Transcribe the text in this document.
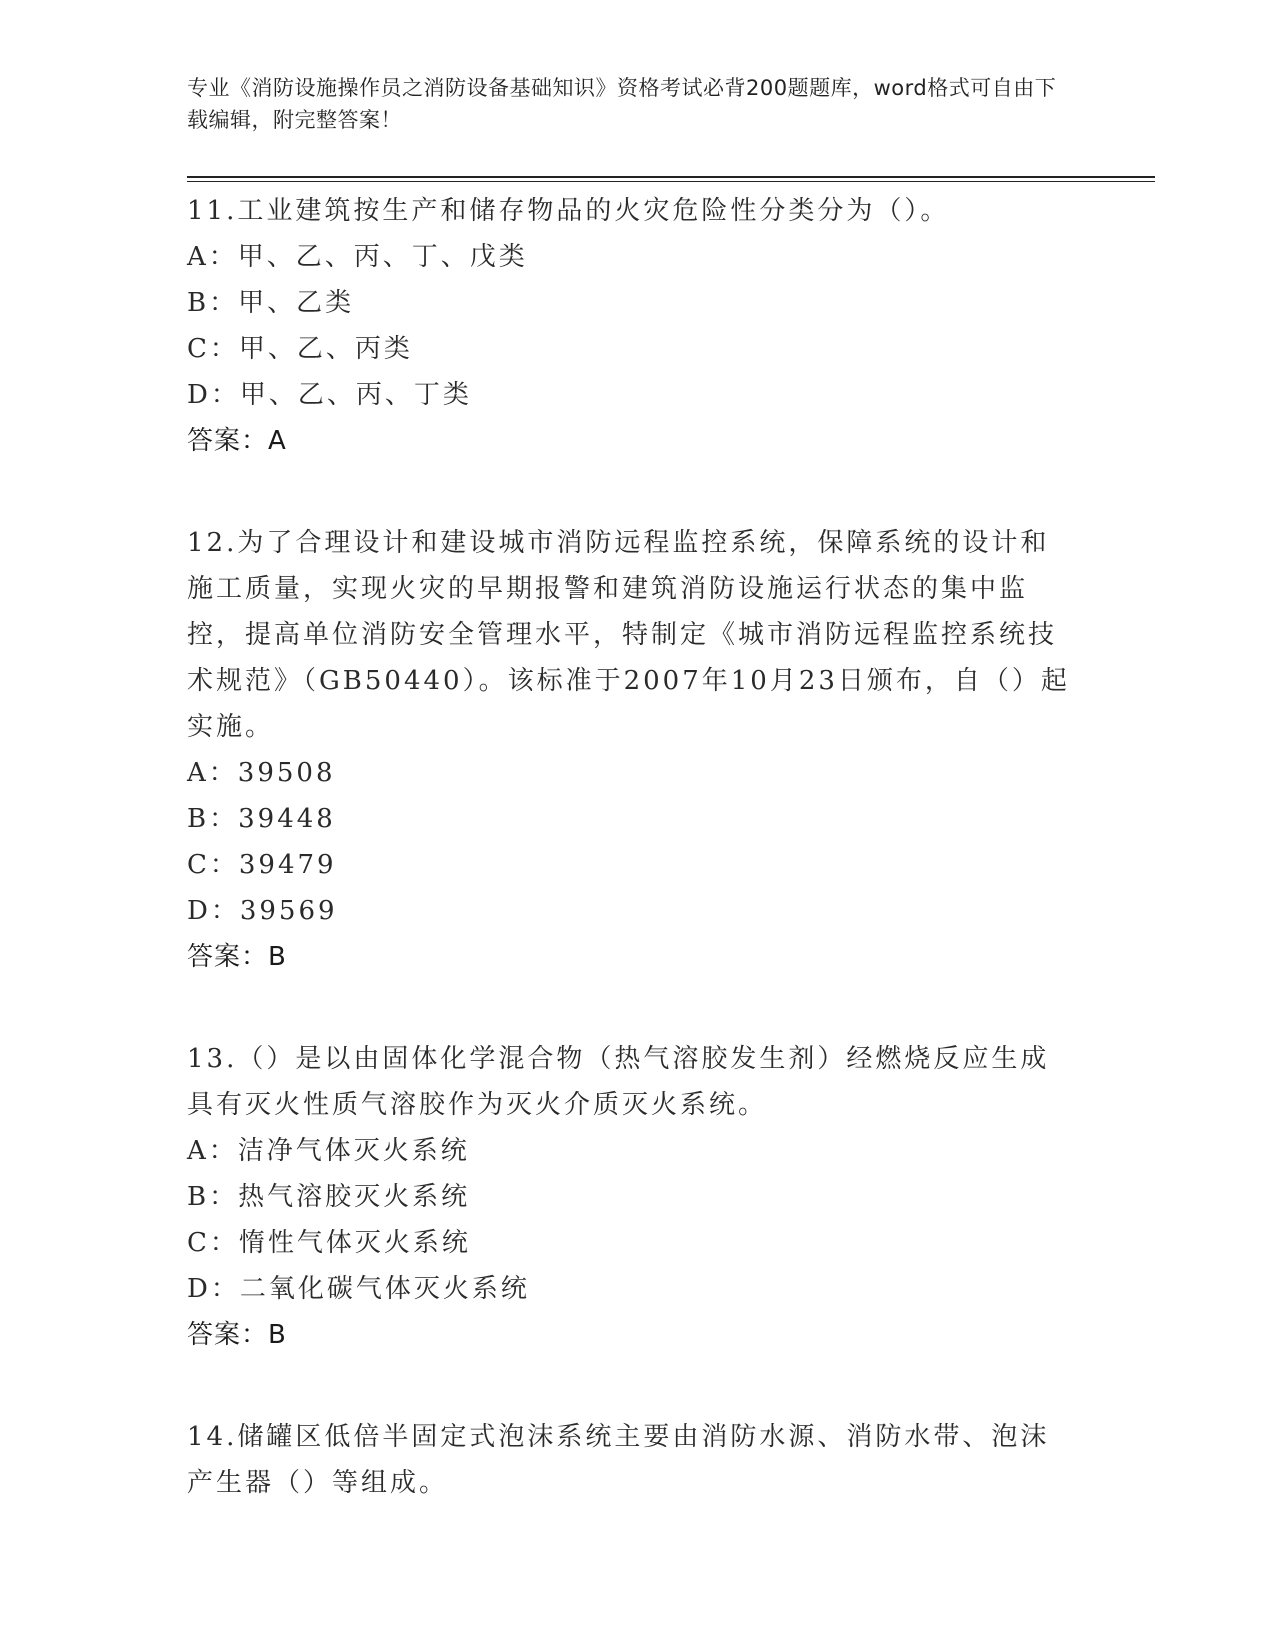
专业《消防设施操作员之消防设备基础知识》资格考试必背200题题库，word格式可自由下载编辑，附完整答案！
11.工业建筑按生产和储存物品的火灾危险性分类分为（）。
A：甲、乙、丙、丁、戊类
B：甲、乙类
C：甲、乙、丙类
D：甲、乙、丙、丁类
答案：A
12.为了合理设计和建设城市消防远程监控系统，保障系统的设计和施工质量，实现火灾的早期报警和建筑消防设施运行状态的集中监控，提高单位消防安全管理水平，特制定《城市消防远程监控系统技术规范》（GB50440）。该标准于2007年10月23日颁布，自（）起实施。
A：39508
B：39448
C：39479
D：39569
答案：B
13.（）是以由固体化学混合物（热气溶胶发生剂）经燃烧反应生成具有灭火性质气溶胶作为灭火介质灭火系统。
A：洁净气体灭火系统
B：热气溶胶灭火系统
C：惰性气体灭火系统
D：二氧化碳气体灭火系统
答案：B
14.储罐区低倍半固定式泡沫系统主要由消防水源、消防水带、泡沫产生器（）等组成。
